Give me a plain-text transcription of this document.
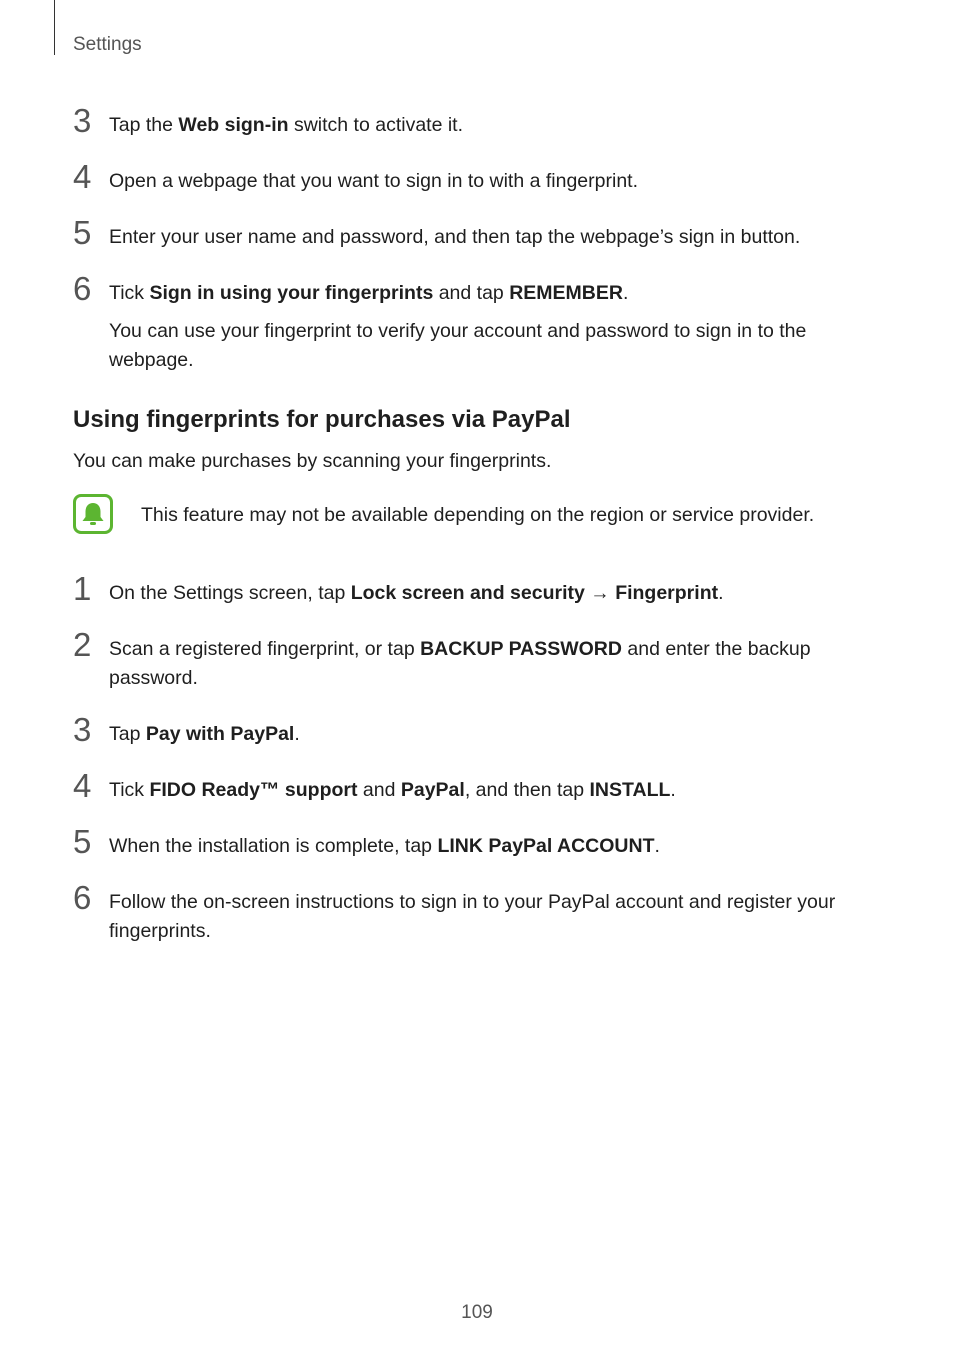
Settings
3 Tap the Web sign-in switch to activate it.
4 Open a webpage that you want to sign in to with a fingerprint.
5 Enter your user name and password, and then tap the webpage’s sign in button.
6 Tick Sign in using your fingerprints and tap REMEMBER.
You can use your fingerprint to verify your account and password to sign in to the webpage.
Using fingerprints for purchases via PayPal
You can make purchases by scanning your fingerprints.
This feature may not be available depending on the region or service provider.
1 On the Settings screen, tap Lock screen and security → Fingerprint.
2 Scan a registered fingerprint, or tap BACKUP PASSWORD and enter the backup password.
3 Tap Pay with PayPal.
4 Tick FIDO Ready™ support and PayPal, and then tap INSTALL.
5 When the installation is complete, tap LINK PayPal ACCOUNT.
6 Follow the on-screen instructions to sign in to your PayPal account and register your fingerprints.
109
